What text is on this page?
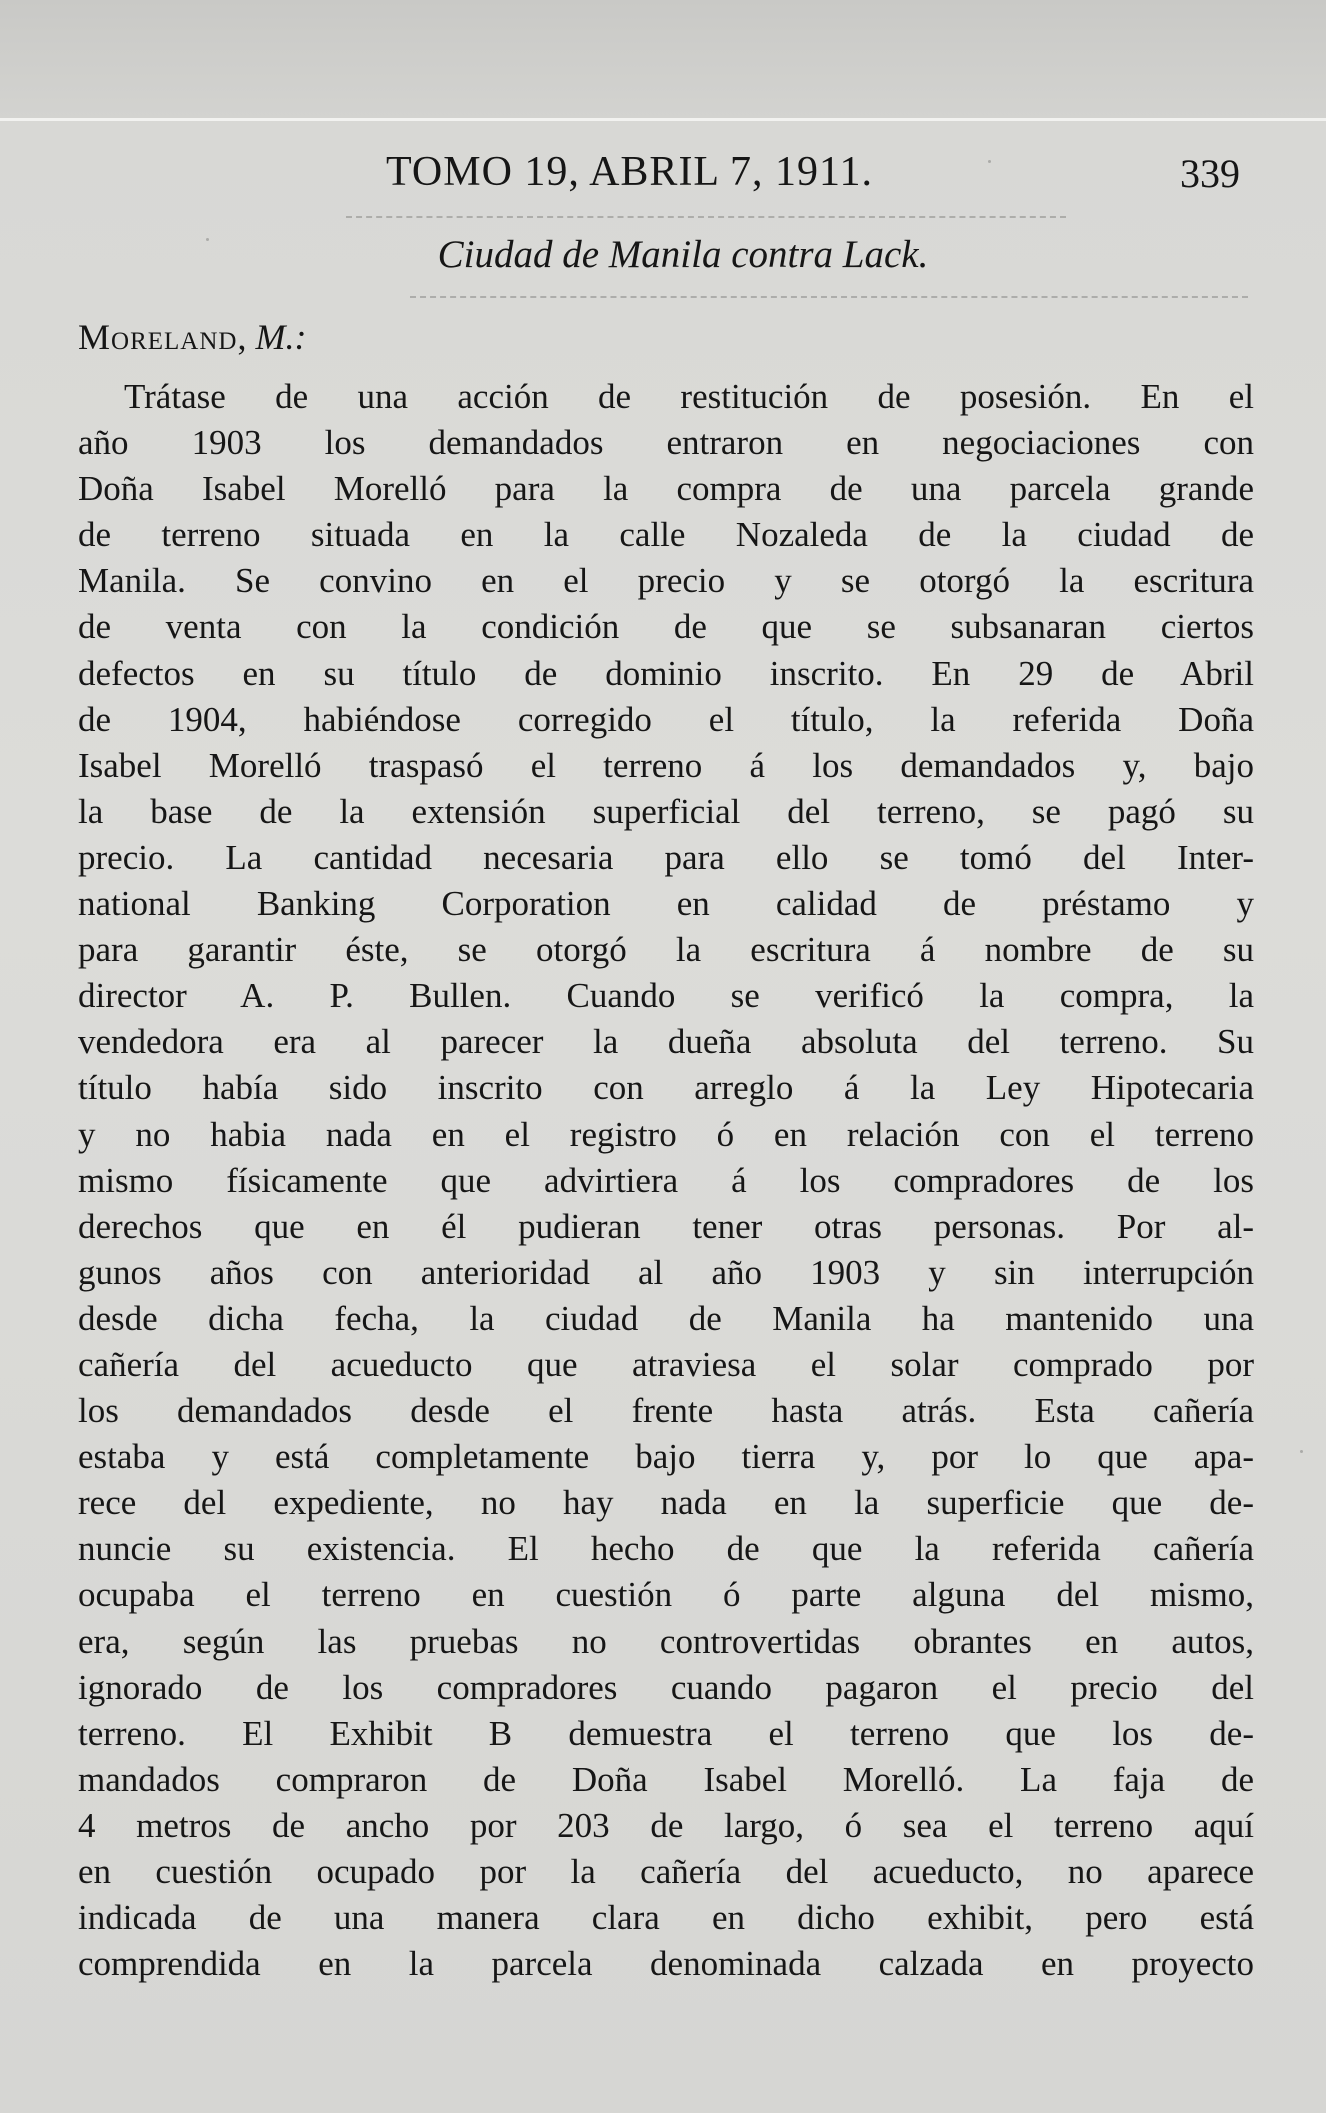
TOMO 19, ABRIL 7, 1911.	339
Ciudad de Manila contra Lack.
Moreland, M.:
Trátase de una acción de restitución de posesión. En el
año 1903 los demandados entraron en negociaciones con
Doña Isabel Morelló para la compra de una parcela grande
de terreno situada en la calle Nozaleda de la ciudad de
Manila. Se convino en el precio y se otorgó la escritura
de venta con la condición de que se subsanaran ciertos
defectos en su título de dominio inscrito. En 29 de Abril
de 1904, habiéndose corregido el título, la referida Doña
Isabel Morelló traspasó el terreno á los demandados y, bajo
la base de la extensión superficial del terreno, se pagó su
precio. La cantidad necesaria para ello se tomó del Inter-
national Banking Corporation en calidad de préstamo y
para garantir éste, se otorgó la escritura á nombre de su
director A. P. Bullen. Cuando se verificó la compra, la
vendedora era al parecer la dueña absoluta del terreno. Su
título había sido inscrito con arreglo á la Ley Hipotecaria
y no habia nada en el registro ó en relación con el terreno
mismo físicamente que advirtiera á los compradores de los
derechos que en él pudieran tener otras personas. Por al-
gunos años con anterioridad al año 1903 y sin interrupción
desde dicha fecha, la ciudad de Manila ha mantenido una
cañería del acueducto que atraviesa el solar comprado por
los demandados desde el frente hasta atrás. Esta cañería
estaba y está completamente bajo tierra y, por lo que apa-
rece del expediente, no hay nada en la superficie que de-
nuncie su existencia. El hecho de que la referida cañería
ocupaba el terreno en cuestión ó parte alguna del mismo,
era, según las pruebas no controvertidas obrantes en autos,
ignorado de los compradores cuando pagaron el precio del
terreno. El Exhibit B demuestra el terreno que los de-
mandados compraron de Doña Isabel Morelló. La faja de
4 metros de ancho por 203 de largo, ó sea el terreno aquí
en cuestión ocupado por la cañería del acueducto, no aparece
indicada de una manera clara en dicho exhibit, pero está
comprendida en la parcela denominada calzada en proyecto
